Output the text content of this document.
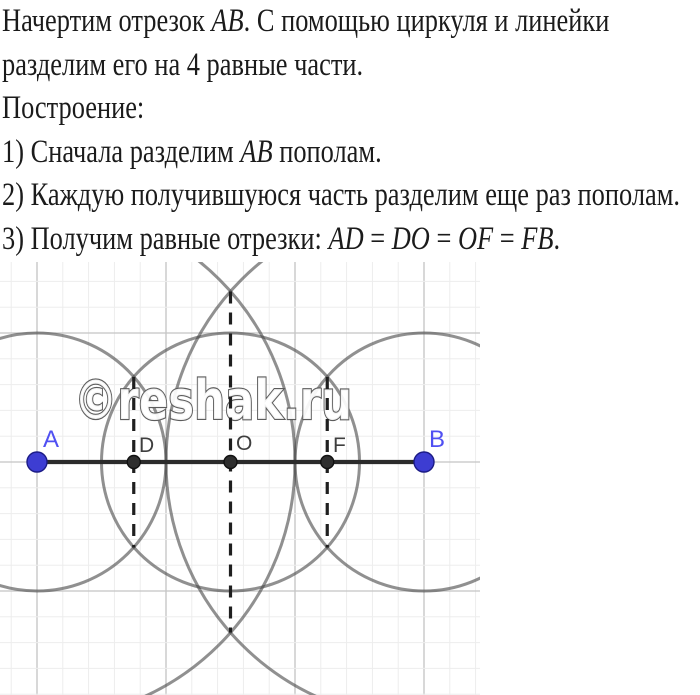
Начертим отрезок AB. С помощью циркуля и линейки
разделим его на 4 равные части.
Построение:
1) Сначала разделим AB пополам.
2) Каждую получившуюся часть разделим еще раз пополам.
3) Получим равные отрезки: AD = DO = OF = FB.
©reshak.ru
A	D	O	F	B
